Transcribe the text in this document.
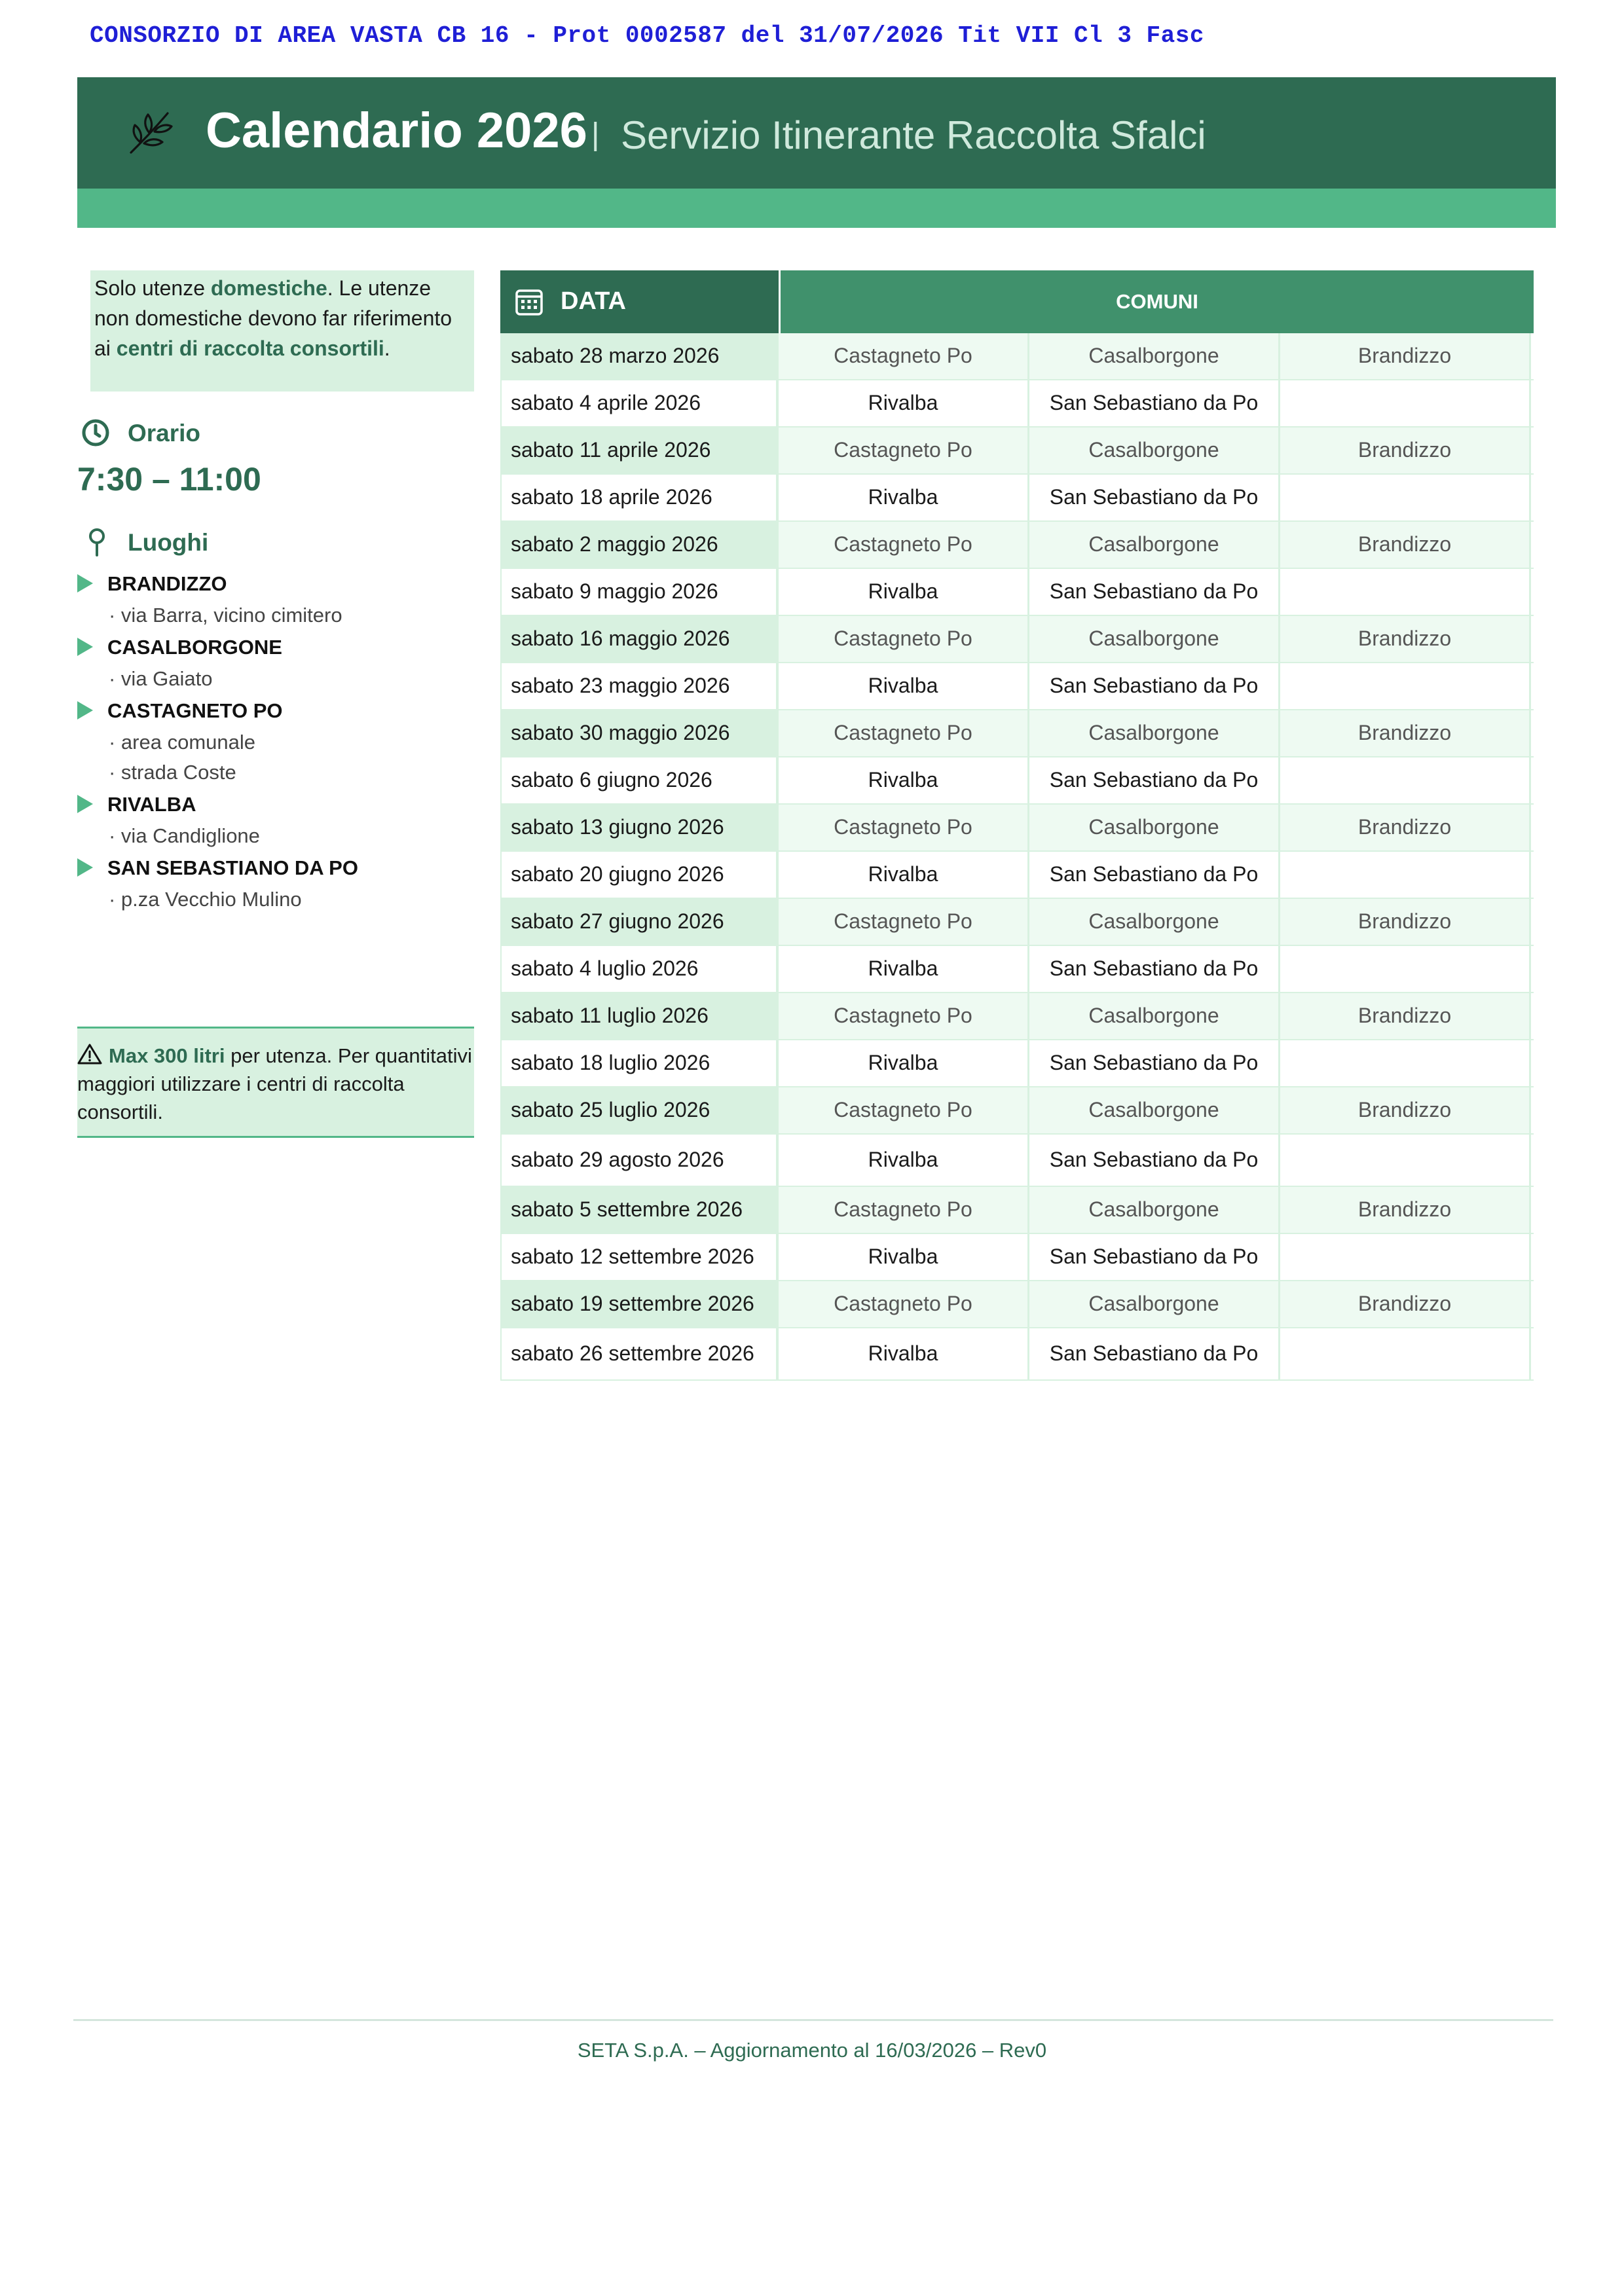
CONSORZIO DI AREA VASTA CB 16 - Prot 0002587 del 31/07/2026 Tit VII Cl 3 Fasc
Calendario 2026 | Servizio Itinerante Raccolta Sfalci
Solo utenze domestiche. Le utenze non domestiche devono far riferimento ai centri di raccolta consortili.
Orario
7:30 – 11:00
Luoghi
BRANDIZZO
· via Barra, vicino cimitero
CASALBORGONE
· via Gaiato
CASTAGNETO PO
· area comunale
· strada Coste
RIVALBA
· via Candiglione
SAN SEBASTIANO DA PO
· p.za Vecchio Mulino
Max 300 litri per utenza. Per quantitativi maggiori utilizzare i centri di raccolta consortili.
DATA	COMUNI
sabato 28 marzo 2026	Castagneto Po	Casalborgone	Brandizzo
sabato 4 aprile 2026	Rivalba	San Sebastiano da Po
sabato 11 aprile 2026	Castagneto Po	Casalborgone	Brandizzo
sabato 18 aprile 2026	Rivalba	San Sebastiano da Po
sabato 2 maggio 2026	Castagneto Po	Casalborgone	Brandizzo
sabato 9 maggio 2026	Rivalba	San Sebastiano da Po
sabato 16 maggio 2026	Castagneto Po	Casalborgone	Brandizzo
sabato 23 maggio 2026	Rivalba	San Sebastiano da Po
sabato 30 maggio 2026	Castagneto Po	Casalborgone	Brandizzo
sabato 6 giugno 2026	Rivalba	San Sebastiano da Po
sabato 13 giugno 2026	Castagneto Po	Casalborgone	Brandizzo
sabato 20 giugno 2026	Rivalba	San Sebastiano da Po
sabato 27 giugno 2026	Castagneto Po	Casalborgone	Brandizzo
sabato 4 luglio 2026	Rivalba	San Sebastiano da Po
sabato 11 luglio 2026	Castagneto Po	Casalborgone	Brandizzo
sabato 18 luglio 2026	Rivalba	San Sebastiano da Po
sabato 25 luglio 2026	Castagneto Po	Casalborgone	Brandizzo
sabato 29 agosto 2026	Rivalba	San Sebastiano da Po
sabato 5 settembre 2026	Castagneto Po	Casalborgone	Brandizzo
sabato 12 settembre 2026	Rivalba	San Sebastiano da Po
sabato 19 settembre 2026	Castagneto Po	Casalborgone	Brandizzo
sabato 26 settembre 2026	Rivalba	San Sebastiano da Po
SETA S.p.A. – Aggiornamento al 16/03/2026 – Rev0
